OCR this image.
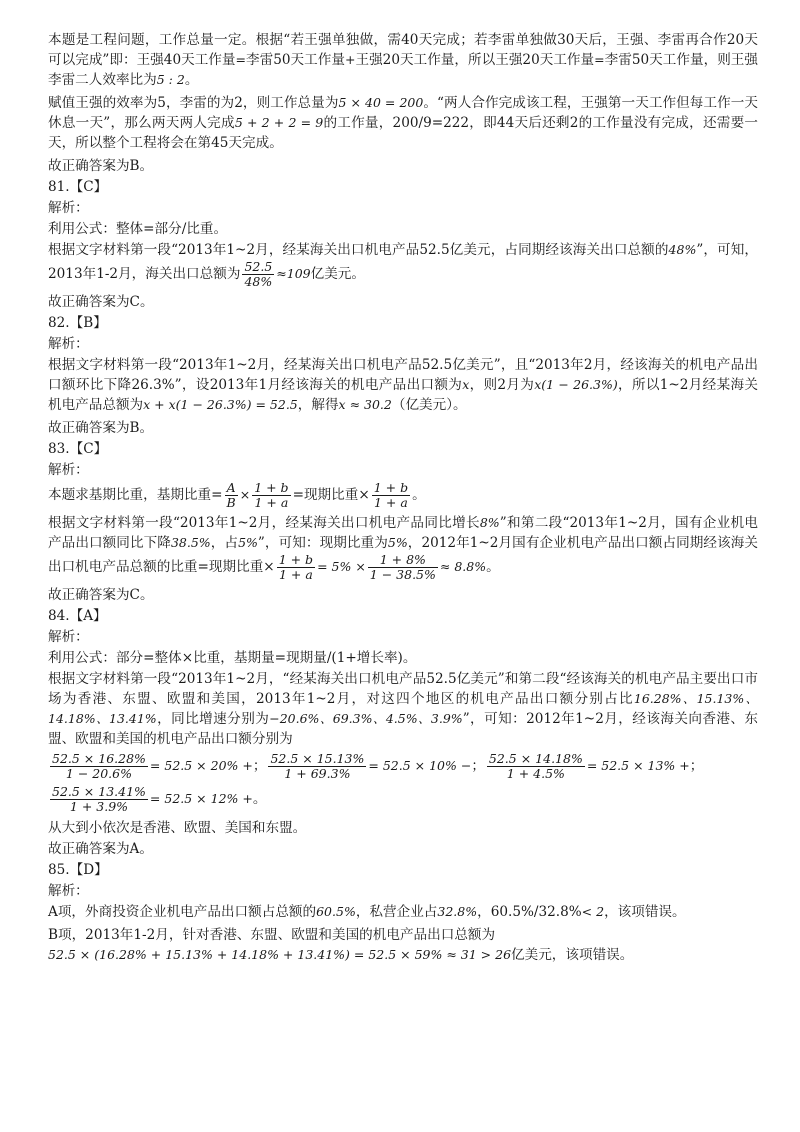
本题是工程问题，工作总量一定。根据“若王强单独做，需40天完成；若李雷单独做30天后，王强、李雷再合作20天可以完成”即：王强40天工作量=李雷50天工作量+王强20天工作量，所以王强20天工作量=李雷50天工作量，则王强李雷二人效率比为5 : 2。

赋值王强的效率为5，李雷的为2，则工作总量为5 × 40 = 200。“两人合作完成该工程，王强第一天工作但每工作一天休息一天”，那么两天两人完成5 + 2 + 2 = 9的工作量，200/9=222，即44天后还剩2的工作量没有完成，还需要一天，所以整个工程将会在第45天完成。

故正确答案为B。

81.【C】

解析：

利用公式：整体=部分/比重。

根据文字材料第一段“2013年1~2月，经某海关出口机电产品52.5亿美元，占同期经该海关出口总额的48%”，可知，2013年1-2月，海关出口总额为 $\frac{52.5}{48\%} \approx 109$亿美元。

故正确答案为C。

82.【B】

解析：

根据文字材料第一段“2013年1~2月，经某海关出口机电产品52.5亿美元”，且“2013年2月，经该海关的机电产品出口额环比下降26.3%”，设2013年1月经该海关的机电产品出口额为x，则2月为x(1 − 26.3%)，所以1~2月经某海关机电产品总额为x + x(1 − 26.3%) = 52.5，解得x ≈ 30.2（亿美元）。

故正确答案为B。

83.【C】

解析：

本题求基期比重，基期比重= $\frac{A}{B} \times \frac{1 + b}{1 + a}$ =现期比重× $\frac{1 + b}{1 + a}$ 。

根据文字材料第一段“2013年1~2月，经某海关出口机电产品同比增长8%”和第二段“2013年1~2月，国有企业机电产品出口额同比下降38.5%，占5%”，可知：现期比重为5%，2012年1~2月国有企业机电产品出口额占同期经该海关出口机电产品总额的比重=现期比重× $\frac{1 + b}{1 + a} = 5\% \times \frac{1 + 8\%}{1 - 38.5\%} \approx 8.8\%$。

故正确答案为C。

84.【A】

解析：

利用公式：部分=整体×比重，基期量=现期量/(1+增长率)。

根据文字材料第一段“2013年1~2月，“经某海关出口机电产品52.5亿美元”和第二段“经该海关的机电产品主要出口市场为香港、东盟、欧盟和美国，2013年1~2月，对这四个地区的机电产品出口额分别占比16.28%、15.13%、14.18%、13.41%，同比增速分别为−20.6%、69.3%、4.5%、3.9%”，可知：2012年1~2月，经该海关向香港、东盟、欧盟和美国的机电产品出口额分别为

$\frac{52.5 \times 16.28\%}{1 - 20.6\%} = 52.5 \times 20\%$ +； $\frac{52.5 \times 15.13\%}{1 + 69.3\%} = 52.5 \times 10\%$ −； $\frac{52.5 \times 14.18\%}{1 + 4.5\%} = 52.5 \times 13\%$ +；
$\frac{52.5 \times 13.41\%}{1 + 3.9\%} = 52.5 \times 12\%$ +。

从大到小依次是香港、欧盟、美国和东盟。

故正确答案为A。

85.【D】

解析：

A项，外商投资企业机电产品出口额占总额的60.5%，私营企业占32.8%，60.5%/32.8%< 2，该项错误。

B项，2013年1-2月，针对香港、东盟、欧盟和美国的机电产品出口总额为
52.5 × (16.28% + 15.13% + 14.18% + 13.41%) = 52.5 × 59% ≈ 31 > 26亿美元，该项错误。
